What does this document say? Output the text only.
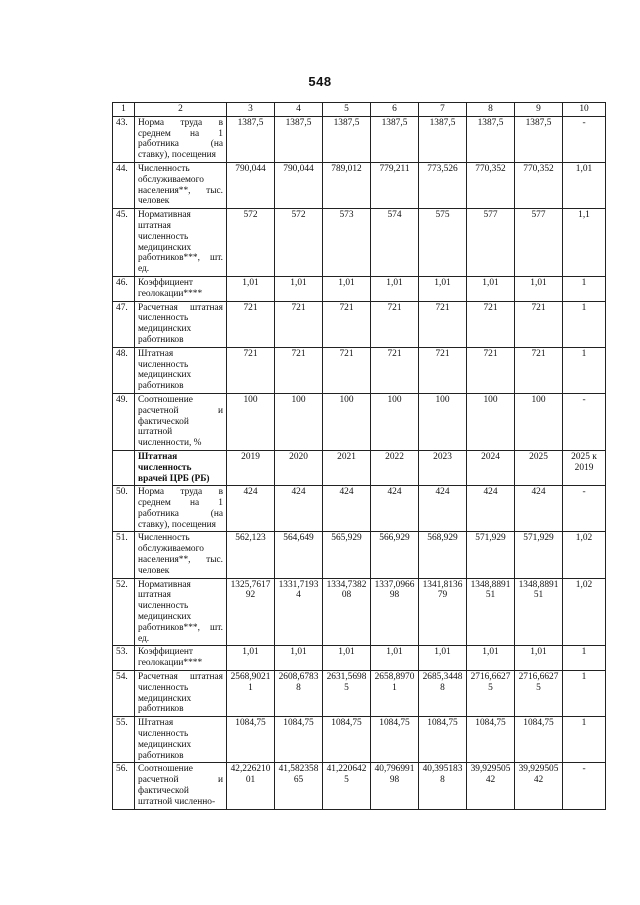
548
1	2	3	4	5	6	7	8	9	10
43.	Норма труда в среднем на 1 работника (на ставку), посещения	1387,5	1387,5	1387,5	1387,5	1387,5	1387,5	1387,5	-
44.	Численность обслуживаемого населения**, тыс. человек	790,044	790,044	789,012	779,211	773,526	770,352	770,352	1,01
45.	Нормативная штатная численность медицинских работников***, шт. ед.	572	572	573	574	575	577	577	1,1
46.	Коэффициент геолокации****	1,01	1,01	1,01	1,01	1,01	1,01	1,01	1
47.	Расчетная штатная численность медицинских работников	721	721	721	721	721	721	721	1
48.	Штатная численность медицинских работников	721	721	721	721	721	721	721	1
49.	Соотношение расчетной и фактической штатной численности, %	100	100	100	100	100	100	100	-
	Штатная численность врачей ЦРБ (РБ)	2019	2020	2021	2022	2023	2024	2025	2025 к 2019
50.	Норма труда в среднем на 1 работника (на ставку), посещения	424	424	424	424	424	424	424	-
51.	Численность обслуживаемого населения**, тыс. человек	562,123	564,649	565,929	566,929	568,929	571,929	571,929	1,02
52.	Нормативная штатная численность медицинских работников***, шт. ед.	1325,761792	1331,71934	1334,738208	1337,096698	1341,813679	1348,889151	1348,889151	1,02
53.	Коэффициент геолокации****	1,01	1,01	1,01	1,01	1,01	1,01	1,01	1
54.	Расчетная штатная численность медицинских работников	2568,90211	2608,67838	2631,56985	2658,89701	2685,34488	2716,66275	2716,66275	1
55.	Штатная численность медицинских работников	1084,75	1084,75	1084,75	1084,75	1084,75	1084,75	1084,75	1
56.	Соотношение расчетной и фактической штатной численно-	42,22621001	41,58235865	41,2206425	40,79699198	40,3951838	39,92950542	39,92950542	-
